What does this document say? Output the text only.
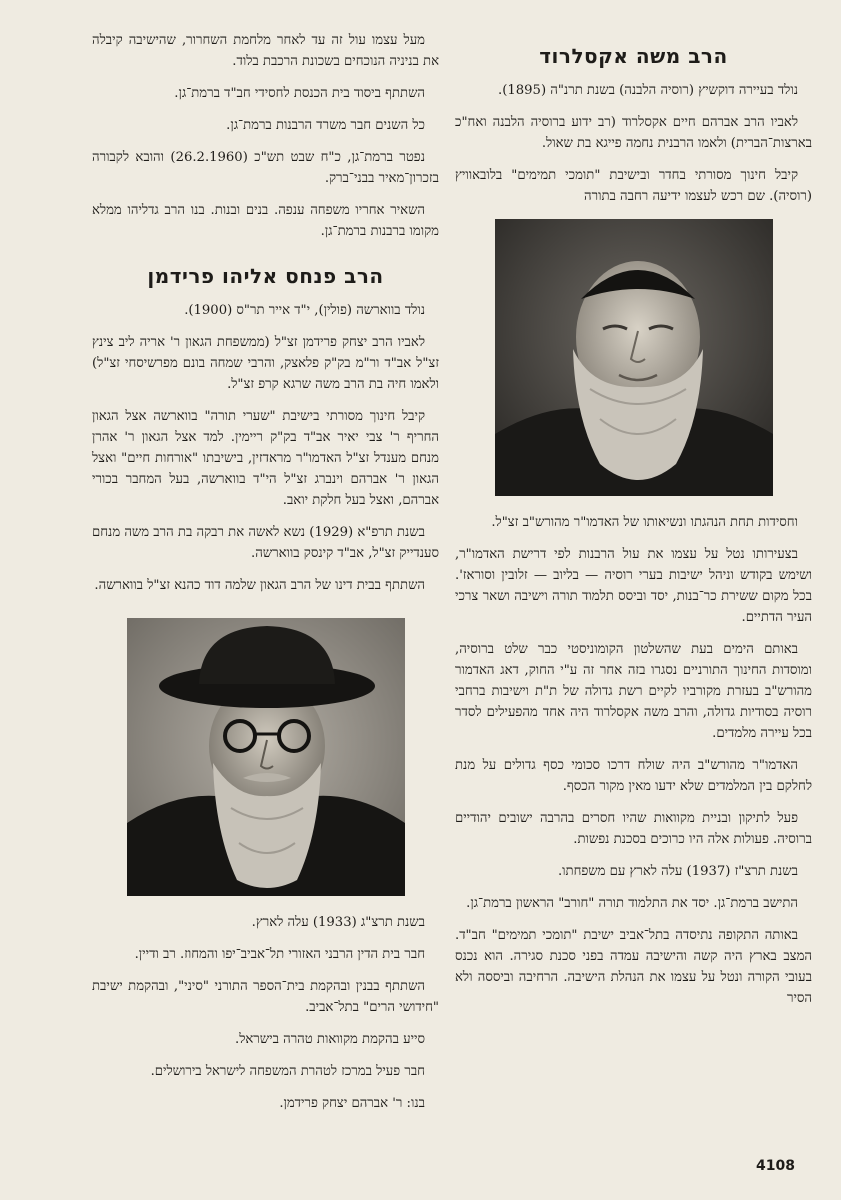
הרב משה אקסלרוד

נולד בעיירה דוקשיץ (רוסיה הלבנה) בשנת תרנ"ה (1895).

לאביו הרב אברהם חיים אקסלרוד (רב ידוע ברוסיה הלבנה ואח"כ בארצות־הברית) ולאמו הרבנית נחמה פייגא בת שאול.

קיבל חינוך מסורתי בחדר ובישיבת "תומכי תמימים" בלובאוויץ (רוסיה). שם רכש לעצמו ידיעה רחבה בתורה

וחסידות תחת הנהגתו ונשיאותו של האדמו"ר מהורש"ב זצ"ל.

בצעירותו נטל על עצמו את עול הרבנות לפי דרישת האדמו"ר, ושימש בקודש וניהל ישיבות בערי רוסיה — בליוב — זלובין וסוראז'. בכל מקום ששירת כר־בנות, יסד וביסס תלמוד תורה וישיבה ושאר צרכי העיר הדתיים.

באותם הימים בעת שהשלטון הקומוניסטי כבר שלט ברוסיה, ומוסדות החינוך התורניים נסגרו בזה אחר זה ע"י החוק, דאג האדמור מהורש"ב בעזרת מקורביו לקיים רשת גדולה של ת"ת וישיבות ברחבי רוסיה בסודיות גדולה, והרב משה אקסלרוד היה אחד מהפעילים לסדר בכל עיירה מלמדים.

האדמו"ר מהורש"ב היה שולח דרכו סכומי כסף גדולים על מנת לחלקם בין המלמדים שלא ידעו מאין מקור הכסף.

פעל לתיקון ובניית מקוואות שהיו חסרים בהרבה ישובים יהודיים ברוסיה. פעולות אלה היו כרוכים בסכנת נפשות.

בשנת תרצ"ז (1937) עלה לארץ עם משפחתו.

התישב ברמת־גן. יסד את התלמוד תורה "חורב" הראשון ברמת־גן.

באותה התקופה נתיסדה בתל־אביב ישיבת "תומכי תמימים" חב"ד. המצב בארץ היה קשה והישיבה עמדה בפני סכנת סגירה. הוא נכנס בעובי הקורה ונטל על עצמו את הנהלת הישיבה. הרחיבה וביססה ולא הסיר

מעל עצמו עול זה עד לאחר מלחמת השחרור, שהישיבה קיבלה את בניניה הנוכחים בשכונת הרכבת בלוד.

השתתף ביסוד בית הכנסת לחסידי חב"ד ברמת־גן.

כל השנים חבר משרד הרבנות ברמת־גן.

נפטר ברמת־גן, כ"ח שבט תש"כ (26.2.1960) והובא לקבורה בזכרון־מאיר בבני־ברק.

השאיר אחריו משפחה ענפה. בנים ובנות. בנו הרב גדליהו ממלא מקומו ברבנות ברמת־גן.

הרב פנחס אליהו פרידמן

נולד בווארשה (פולין), י"ד אייר תר"ס (1900).

לאביו הרב יצחק פרידמן זצ"ל (ממשפחת הגאון ר' אריה ליב צינץ זצ"ל אב"ד ור"מ בק"ק פלאצק, והרבי שמחה בונם מפרשיסחי זצ"ל) ולאמו חיה בת הרב משה שרגא קרפ זצ"ל.

קיבל חינוך מסורתי בישיבת "שערי תורה" בווארשה אצל הגאון החריף ר' צבי יאיר אב"ד בק"ק ריימין. למד אצל הגאון ר' אהרן מנחם מענדל זצ"ל האדמו"ר מראדזין, בישיבתו "אורחות חיים" ואצל הגאון ר' אברהם וינברג זצ"ל הי"ד בווארשה, בעל המחבר בכורי אברהם, ואצל בעל חלקת יואב.

בשנת תרפ"א (1929) נשא לאשה את רבקה בת הרב משה מנחם סענדייק זצ"ל, אב"ד קינסק בווארשה.

השתתף בבית דינו של הרב הגאון שלמה דוד כהנא זצ"ל בווארשה.

בשנת תרצ"ג (1933) עלה לארץ.

חבר בית הדין הרבני האזורי תל־אביב־יפו והמחוז. רב ודיין.

השתתף בבנין ובהקמת בית־הספר התורני "סיני", ובהקמת ישיבת "חידושי הרים" בתל־אביב.

סייע בהקמת מקוואות טהרה בישראל.

חבר פעיל במרכז לטהרת המשפחה לישראל בירושלים.

בנו: ר' אברהם יצחק פרידמן.

4108
